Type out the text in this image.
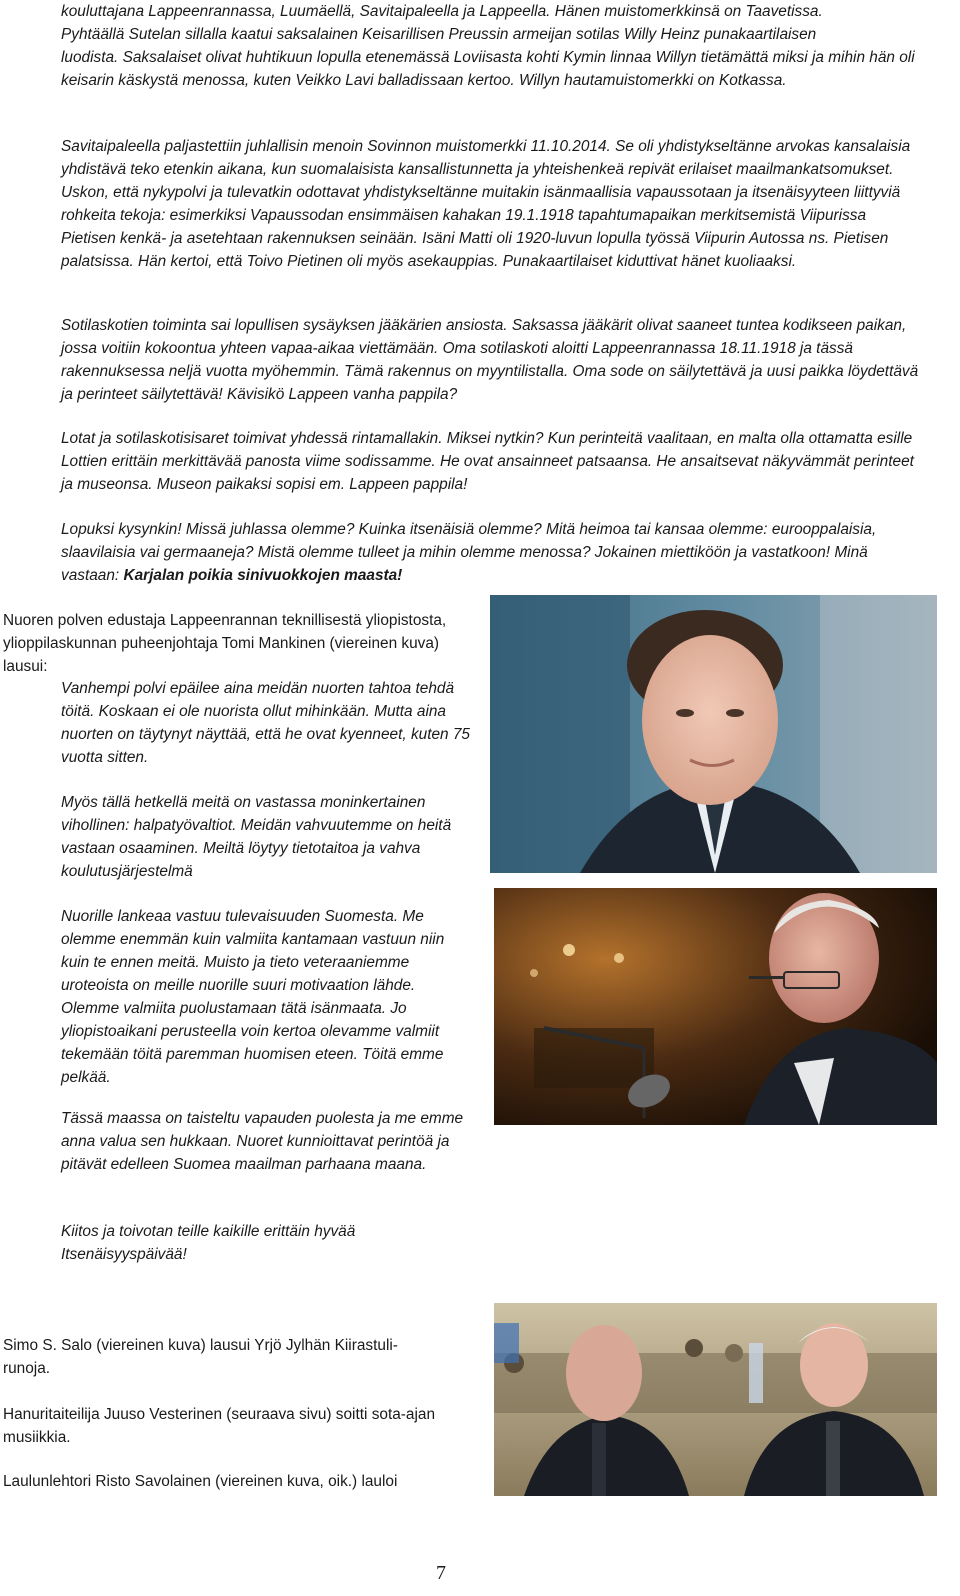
kouluttajana Lappeenrannassa, Luumäellä, Savitaipaleella ja Lappeella. Hänen muistomerkkinsä on Taavetissa.
Pyhtäällä Sutelan sillalla kaatui saksalainen Keisarillisen Preussin armeijan sotilas Willy Heinz punakaartilaisen
luodista. Saksalaiset olivat huhtikuun lopulla etenemässä Loviisasta kohti Kymin linnaa Willyn tietämättä miksi ja mihin hän oli keisarin käskystä menossa, kuten Veikko Lavi balladissaan kertoo. Willyn hautamuistomerkki on Kotkassa.

Savitaipaleella paljastettiin juhlallisin menoin Sovinnon muistomerkki 11.10.2014. Se oli yhdistykseltänne arvokas kansalaisia yhdistävä teko etenkin aikana, kun suomalaisista kansallistunnetta ja yhteishenkeä repivät erilaiset maailmankatsomukset. Uskon, että nykypolvi ja tulevatkin odottavat yhdistykseltänne muitakin isänmaallisia vapaussotaan ja itsenäisyyteen liittyviä rohkeita tekoja: esimerkiksi Vapaussodan ensimmäisen kahakan 19.1.1918 tapahtumapaikan merkitsemistä Viipurissa Pietisen kenkä- ja asetehtaan rakennuksen seinään. Isäni Matti oli 1920-luvun lopulla työssä Viipurin Autossa ns. Pietisen palatsissa. Hän kertoi, että Toivo Pietinen oli myös asekauppias. Punakaartilaiset kiduttivat hänet kuoliaaksi.

Sotilaskotien toiminta sai lopullisen sysäyksen jääkärien ansiosta. Saksassa jääkärit olivat saaneet tuntea kodikseen paikan, jossa voitiin kokoontua yhteen vapaa-aikaa viettämään. Oma sotilaskoti aloitti Lappeenrannassa 18.11.1918 ja tässä rakennuksessa neljä vuotta myöhemmin. Tämä rakennus on myyntilistalla. Oma sode on säilytettävä ja uusi paikka löydettävä ja perinteet säilytettävä! Kävisikö Lappeen vanha pappila?

Lotat ja sotilaskotisisaret toimivat yhdessä rintamallakin. Miksei nytkin? Kun perinteitä vaalitaan, en malta olla ottamatta esille Lottien erittäin merkittävää panosta viime sodissamme. He ovat ansainneet patsaansa. He ansaitsevat näkyvämmät perinteet ja museonsa. Museon paikaksi sopisi em. Lappeen pappila!

Lopuksi kysynkin! Missä juhlassa olemme? Kuinka itsenäisiä olemme? Mitä heimoa tai kansaa olemme: eurooppalaisia, slaavilaisia vai germaaneja? Mistä olemme tulleet ja mihin olemme menossa? Jokainen miettiköön ja vastatkoon! Minä vastaan: Karjalan poikia sinivuokkojen maasta!

Nuoren polven edustaja Lappeenrannan teknillisestä yliopistosta, ylioppilaskunnan puheenjohtaja Tomi Mankinen (viereinen kuva) lausui:

Vanhempi polvi epäilee aina meidän nuorten tahtoa tehdä töitä. Koskaan ei ole nuorista ollut mihinkään. Mutta aina nuorten on täytynyt näyttää, että he ovat kyenneet, kuten 75 vuotta sitten.

Myös tällä hetkellä meitä on vastassa moninkertainen vihollinen: halpatyövaltiot. Meidän vahvuutemme on heitä vastaan osaaminen. Meiltä löytyy tietotaitoa ja vahva koulutusjärjestelmä

Nuorille lankeaa vastuu tulevaisuuden Suomesta. Me olemme enemmän kuin valmiita kantamaan vastuun niin kuin te ennen meitä. Muisto ja tieto veteraaniemme uroteoista on meille nuorille suuri motivaation lähde. Olemme valmiita puolustamaan tätä isänmaata. Jo yliopistoaikani perusteella voin kertoa olevamme valmiit tekemään töitä paremman huomisen eteen. Töitä emme pelkää.

Tässä maassa on taisteltu vapauden puolesta ja me emme anna valua sen hukkaan. Nuoret kunnioittavat perintöä ja pitävät edelleen Suomea maailman parhaana maana.

Kiitos ja toivotan teille kaikille erittäin hyvää Itsenäisyyspäivää!

Simo S. Salo (viereinen kuva) lausui Yrjö Jylhän Kiirastuli-runoja.

Hanuritaiteilija Juuso Vesterinen (seuraava sivu) soitti sota-ajan musiikkia.

Laulunlehtori Risto Savolainen (viereinen kuva, oik.) lauloi

7
